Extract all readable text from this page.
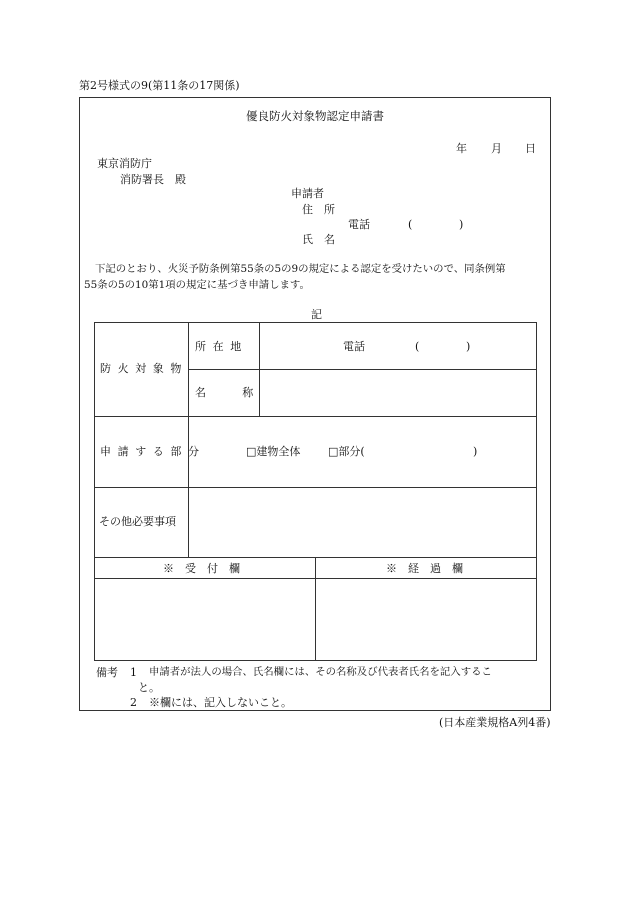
第2号様式の9(第11条の17関係)
優良防火対象物認定申請書
年 月 日
東京消防庁
消防署長　殿
申請者
住　所
電話	(	)
氏　名
下記のとおり、火災予防条例第55条の5の9の規定による認定を受けたいので、同条例第
55条の5の10第1項の規定に基づき申請します。
記
防火対象物
所在地	電話	(	)
名称
申請する部分	□建物全体	□部分(	)
その他必要事項
※　受　付　欄	※　経　過　欄
備考 1 申請者が法人の場合、氏名欄には、その名称及び代表者氏名を記入するこ
と。
2 ※欄には、記入しないこと。
(日本産業規格A列4番)
